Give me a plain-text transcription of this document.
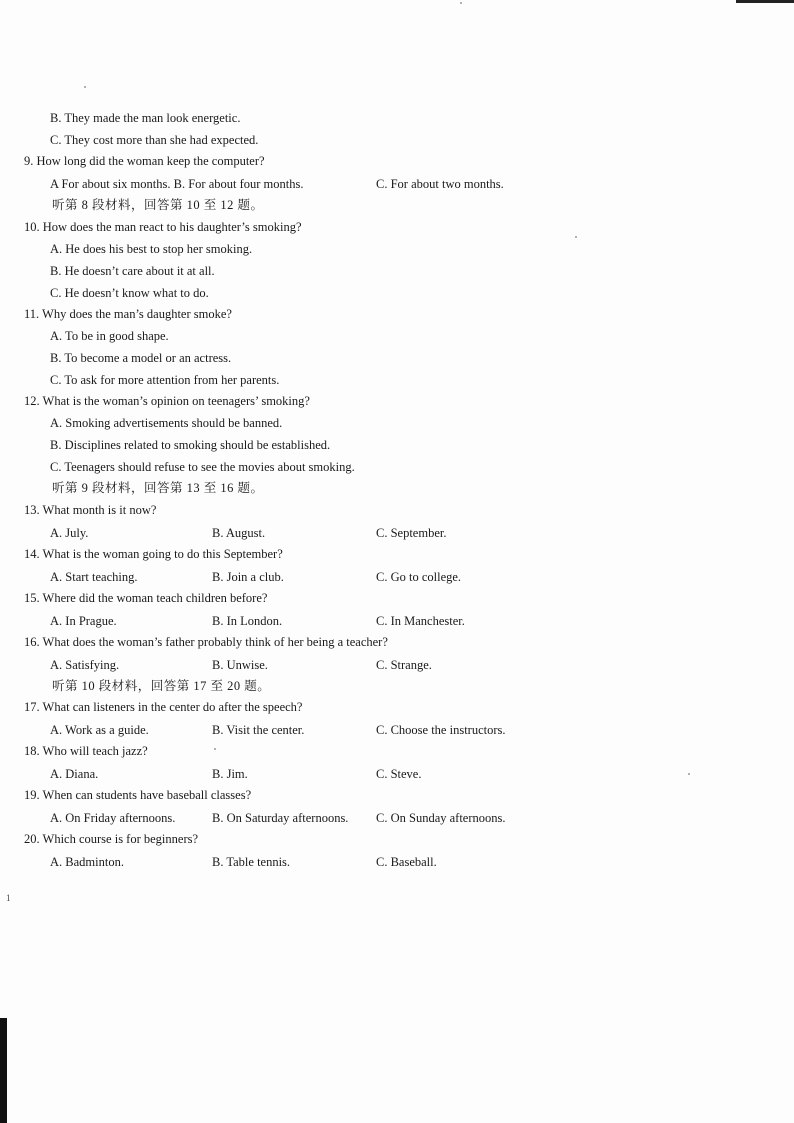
1
B. They made the man look energetic.
C. They cost more than she had expected.
9. How long did the woman keep the computer?
A For about six months. B. For about four months.	C. For about two months.
听第 8 段材料，回答第 10 至 12 题。
10. How does the man react to his daughter’s smoking?
A. He does his best to stop her smoking.
B. He doesn’t care about it at all.
C. He doesn’t know what to do.
11. Why does the man’s daughter smoke?
A. To be in good shape.
B. To become a model or an actress.
C. To ask for more attention from her parents.
12. What is the woman’s opinion on teenagers’ smoking?
A. Smoking advertisements should be banned.
B. Disciplines related to smoking should be established.
C. Teenagers should refuse to see the movies about smoking.
听第 9 段材料，回答第 13 至 16 题。
13. What month is it now?
A. July.	B. August.	C. September.
14. What is the woman going to do this September?
A. Start teaching.	B. Join a club.	C. Go to college.
15. Where did the woman teach children before?
A. In Prague.	B. In London.	C. In Manchester.
16. What does the woman’s father probably think of her being a teacher?
A. Satisfying.	B. Unwise.	C. Strange.
听第 10 段材料，回答第 17 至 20 题。
17. What can listeners in the center do after the speech?
A. Work as a guide.	B. Visit the center.	C. Choose the instructors.
18. Who will teach jazz?
A. Diana.	B. Jim.	C. Steve.
19. When can students have baseball classes?
A. On Friday afternoons.	B. On Saturday afternoons. C. On Sunday afternoons.
20. Which course is for beginners?
A. Badminton.	B. Table tennis.	C. Baseball.
